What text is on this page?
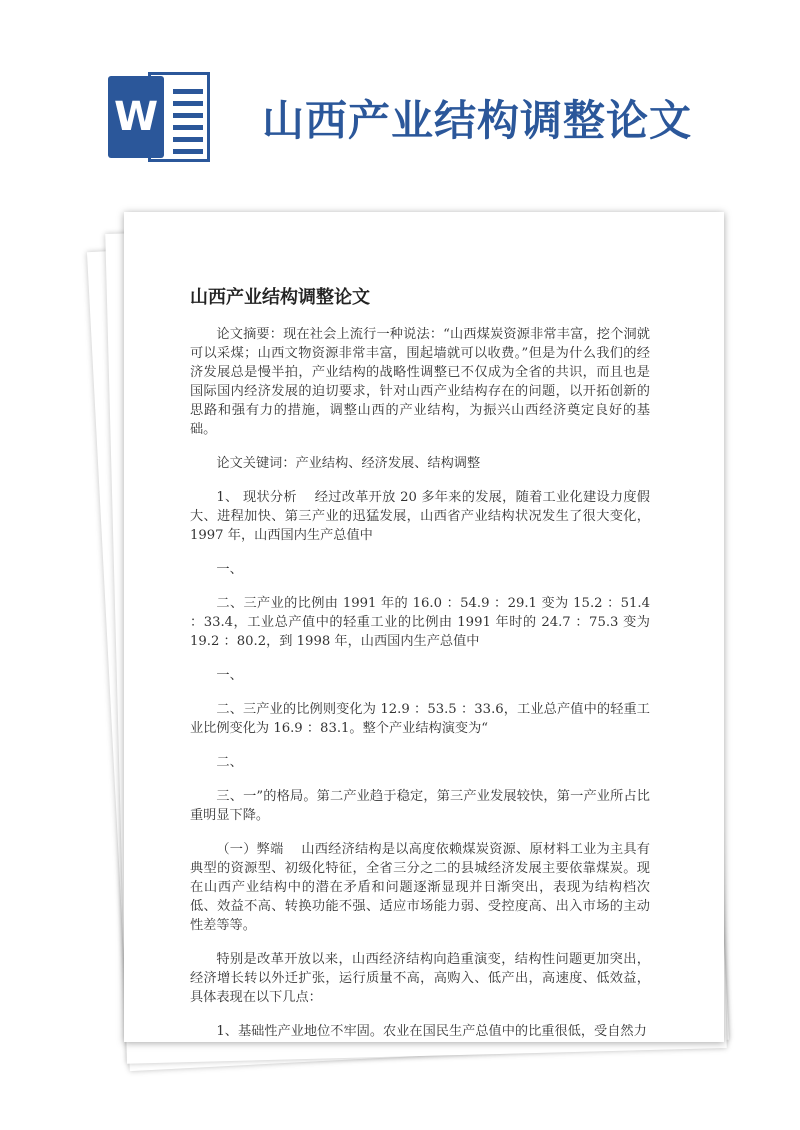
W 山西产业结构调整论文
山西产业结构调整论文

论文摘要：现在社会上流行一种说法：“山西煤炭资源非常丰富，挖个洞就可以采煤；山西文物资源非常丰富，围起墙就可以收费。”但是为什么我们的经济发展总是慢半拍，产业结构的战略性调整已不仅成为全省的共识，而且也是国际国内经济发展的迫切要求，针对山西产业结构存在的问题，以开拓创新的思路和强有力的措施，调整山西的产业结构，为振兴山西经济奠定良好的基础。

论文关键词：产业结构、经济发展、结构调整

1、 现状分析　 经过改革开放 20 多年来的发展，随着工业化建设力度假大、进程加快、第三产业的迅猛发展，山西省产业结构状况发生了很大变化，1997 年，山西国内生产总值中

一、

二、三产业的比例由 1991 年的 16.0 ：54.9 ：29.1 变为 15.2 ：51.4 ：33.4，工业总产值中的轻重工业的比例由 1991 年时的 24.7 ：75.3 变为 19.2 ：80.2，到 1998 年，山西国内生产总值中

一、

二、三产业的比例则变化为 12.9 ：53.5 ：33.6，工业总产值中的轻重工业比例变化为 16.9 ：83.1。整个产业结构演变为“

二、

三、一”的格局。第二产业趋于稳定，第三产业发展较快，第一产业所占比重明显下降。

（一）弊端　 山西经济结构是以高度依赖煤炭资源、原材料工业为主具有典型的资源型、初级化特征，全省三分之二的县城经济发展主要依靠煤炭。现在山西产业结构中的潜在矛盾和问题逐渐显现并日渐突出，表现为结构档次低、效益不高、转换功能不强、适应市场能力弱、受控度高、出入市场的主动性差等等。

特别是改革开放以来，山西经济结构向趋重演变，结构性问题更加突出，经济增长转以外迁扩张，运行质量不高，高购入、低产出，高速度、低效益，具体表现在以下几点：

1、基础性产业地位不牢固。农业在国民生产总值中的比重很低，受自然力
